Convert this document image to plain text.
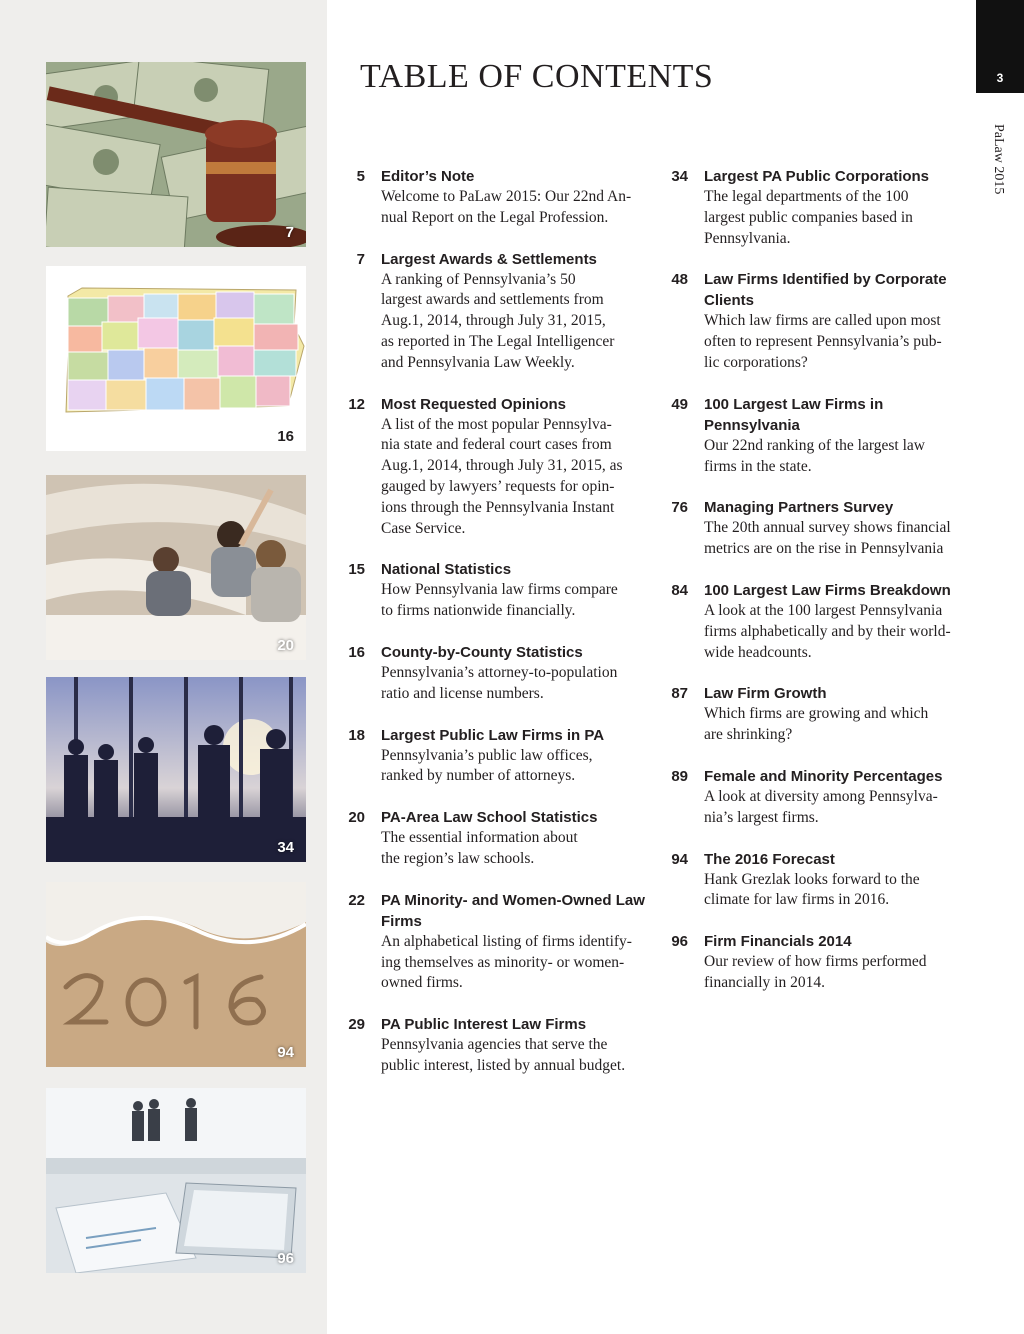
7
16
20
34
94
96
TABLE OF CONTENTS	3
PaLaw 2015
5 Editor’s Note
Welcome to PaLaw 2015: Our 22nd An-
nual Report on the Legal Profession.
7 Largest Awards & Settlements
A ranking of Pennsylvania’s 50
largest awards and settlements from
Aug.1, 2014, through July 31, 2015,
as reported in The Legal Intelligencer
and Pennsylvania Law Weekly.
12 Most Requested Opinions
A list of the most popular Pennsylva-
nia state and federal court cases from
Aug.1, 2014, through July 31, 2015, as
gauged by lawyers’ requests for opin-
ions through the Pennsylvania Instant
Case Service.
15 National Statistics
How Pennsylvania law firms compare
to firms nationwide financially.
16 County-by-County Statistics
Pennsylvania’s attorney-to-population
ratio and license numbers.
18 Largest Public Law Firms in PA
Pennsylvania’s public law offices,
ranked by number of attorneys.
20 PA-Area Law School Statistics
The essential information about
the region’s law schools.
22 PA Minority- and Women-Owned Law Firms
An alphabetical listing of firms identify-
ing themselves as minority- or women-
owned firms.
29 PA Public Interest Law Firms
Pennsylvania agencies that serve the
public interest, listed by annual budget.
34 Largest PA Public Corporations
The legal departments of the 100
largest public companies based in
Pennsylvania.
48 Law Firms Identified by Corporate Clients
Which law firms are called upon most
often to represent Pennsylvania’s pub-
lic corporations?
49 100 Largest Law Firms in Pennsylvania
Our 22nd ranking of the largest law
firms in the state.
76 Managing Partners Survey
The 20th annual survey shows financial
metrics are on the rise in Pennsylvania
84 100 Largest Law Firms Breakdown
A look at the 100 largest Pennsylvania
firms alphabetically and by their world-
wide headcounts.
87 Law Firm Growth
Which firms are growing and which
are shrinking?
89 Female and Minority Percentages
A look at diversity among Pennsylva-
nia’s largest firms.
94 The 2016 Forecast
Hank Grezlak looks forward to the
climate for law firms in 2016.
96 Firm Financials 2014
Our review of how firms performed
financially in 2014.
